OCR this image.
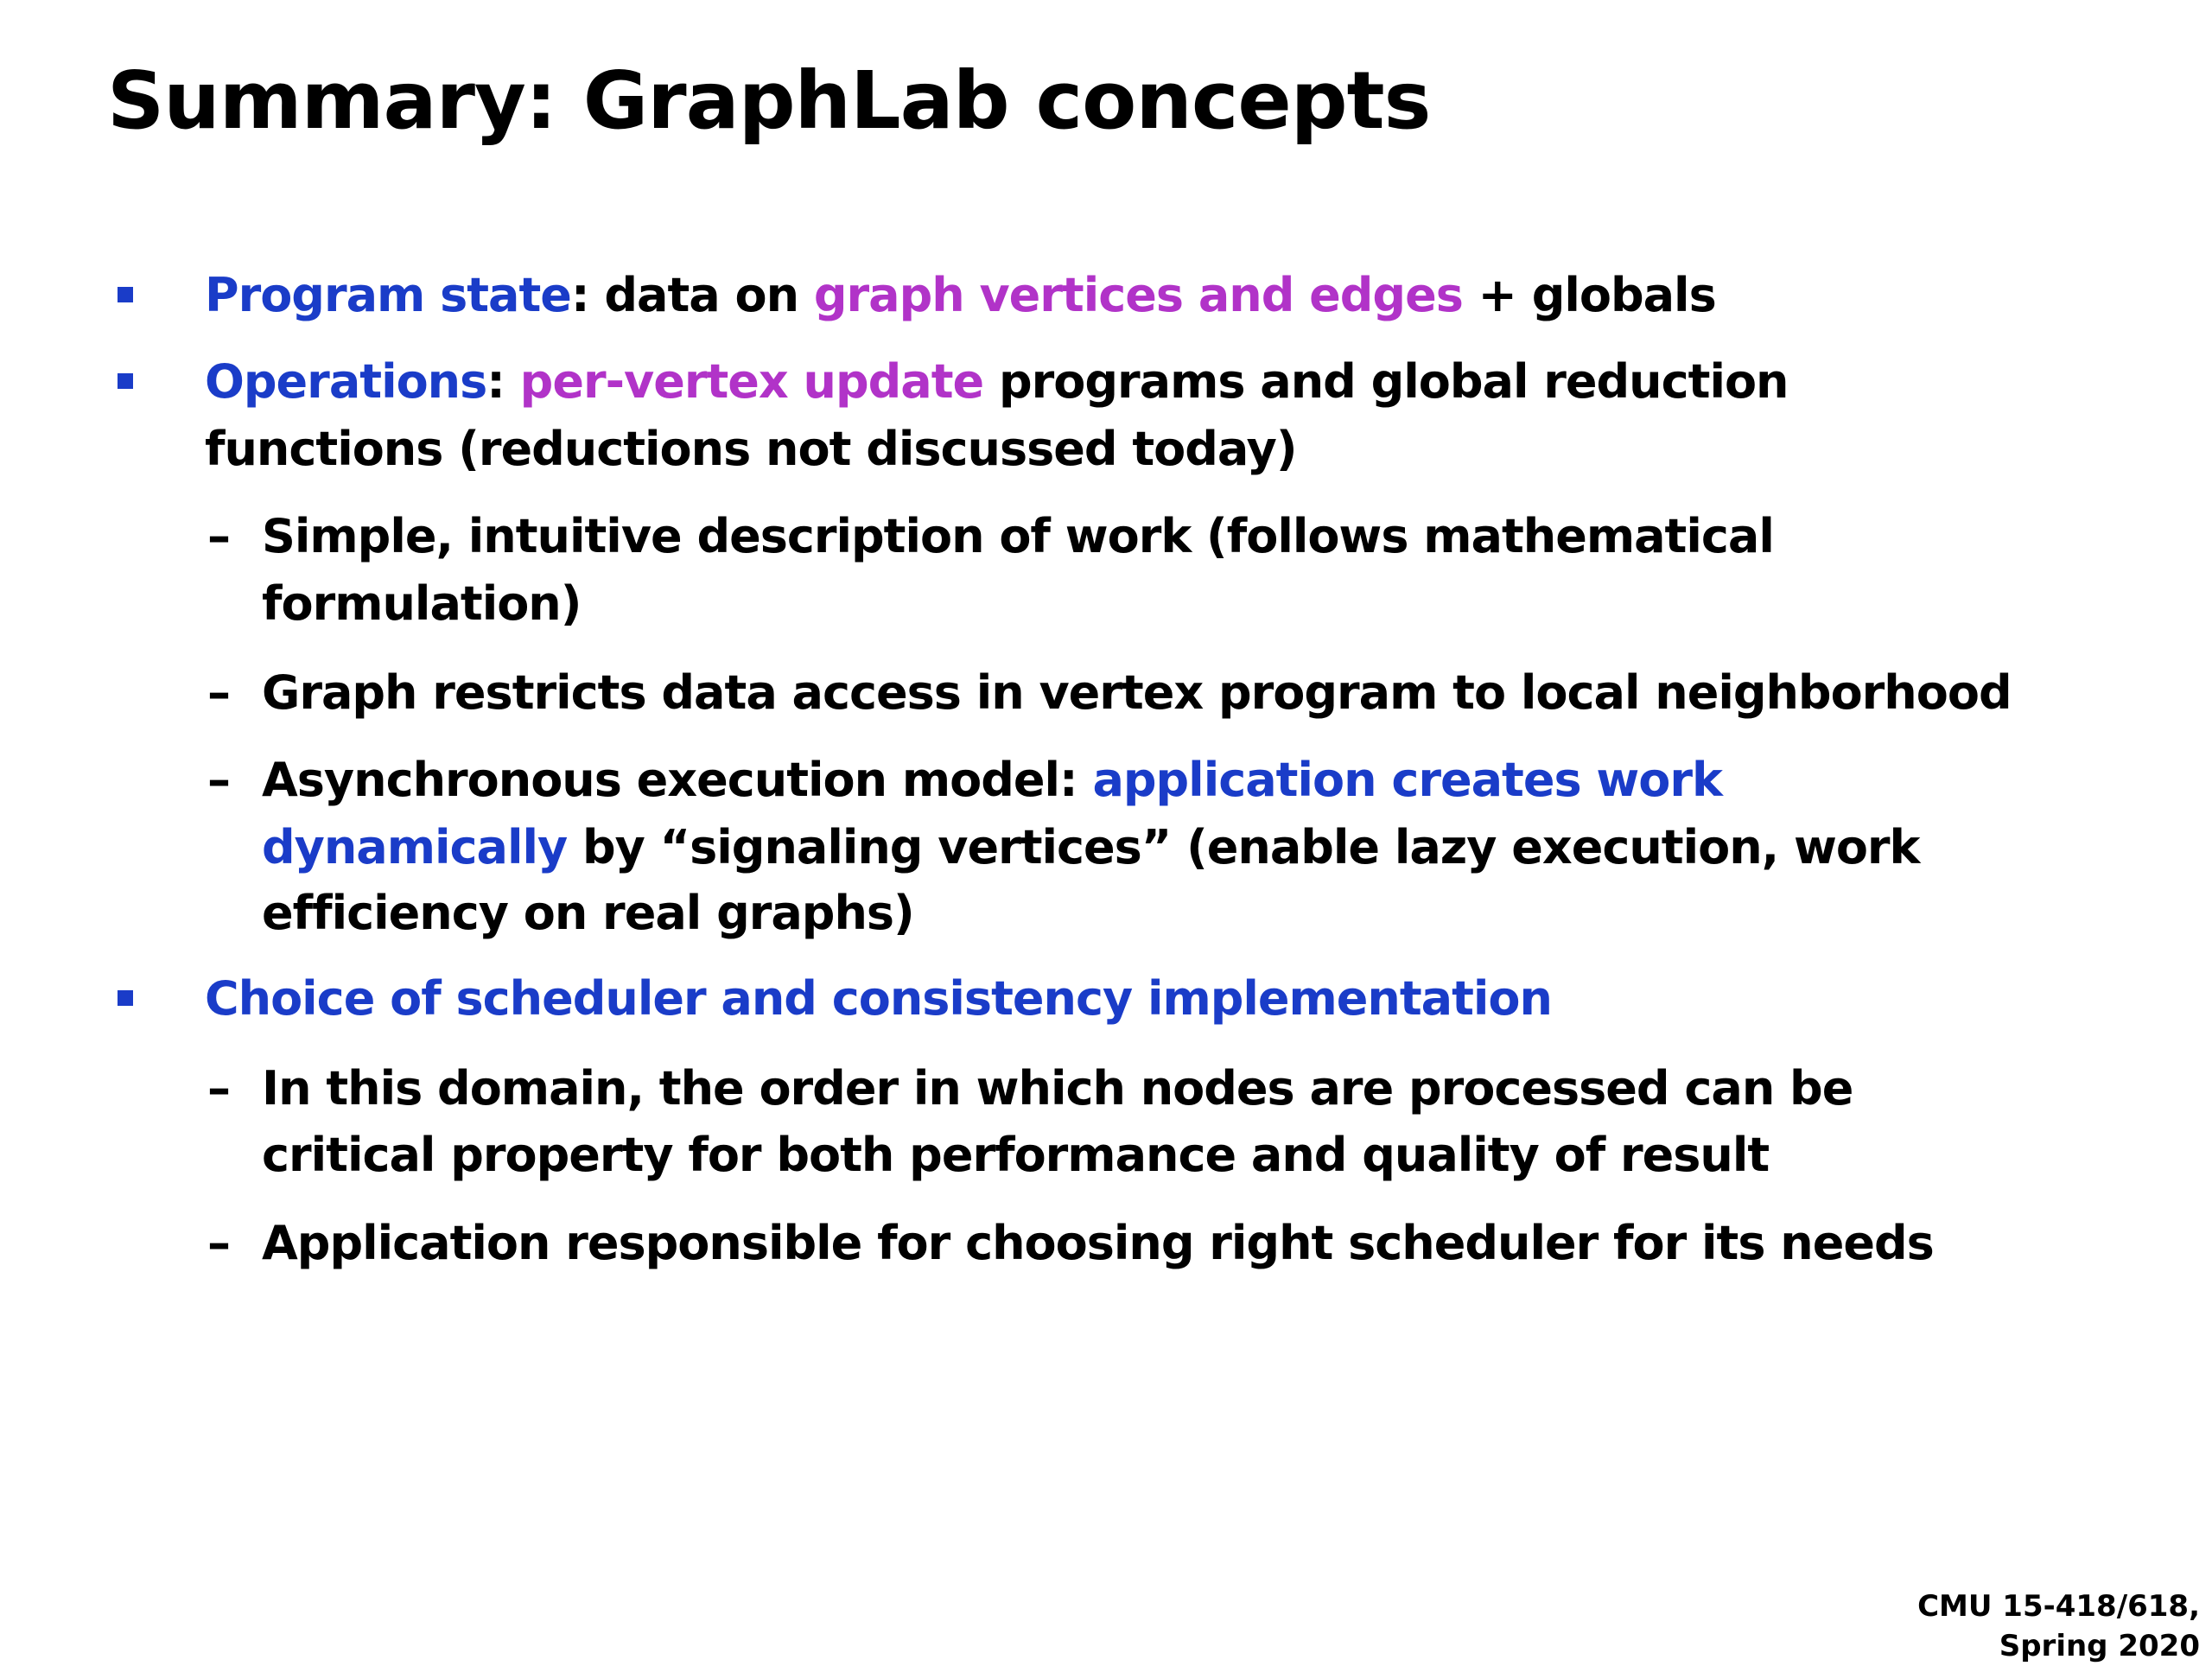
Summary: GraphLab concepts
Program state: data on graph vertices and edges + globals
Operations: per-vertex update programs and global reduction
functions (reductions not discussed today)
– Simple, intuitive description of work (follows mathematical
formulation)
– Graph restricts data access in vertex program to local neighborhood
– Asynchronous execution model: application creates work
dynamically by “signaling vertices” (enable lazy execution, work
efficiency on real graphs)
Choice of scheduler and consistency implementation
– In this domain, the order in which nodes are processed can be
critical property for both performance and quality of result
– Application responsible for choosing right scheduler for its needs
CMU 15-418/618,
Spring 2020
